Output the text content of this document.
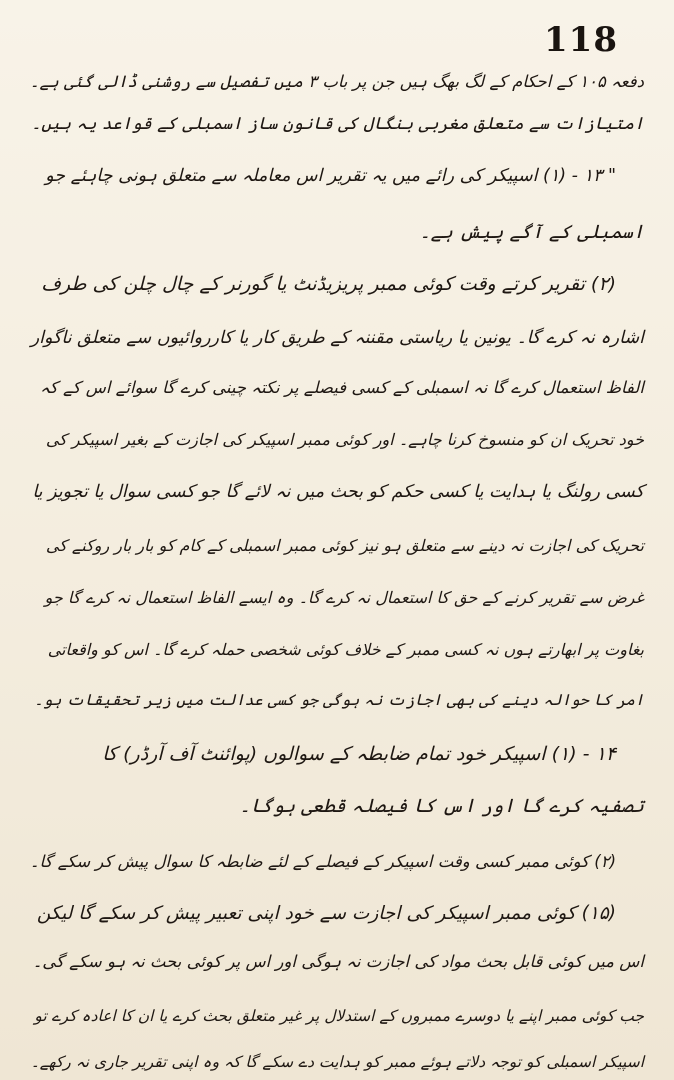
118
دفعہ ۱۰۵ کے احکام کے لگ بھگ ہیں جن پر باب ۳ میں تفصیل سے روشنی ڈالی گئی ہے۔
امتیازات سے متعلق مغربی بنگال کی قانون ساز اسمبلی کے قواعد یہ ہیں۔
" ۱۳ - (۱) اسپیکر کی رائے میں یہ تقریر اس معاملہ سے متعلق ہونی چاہئے جو
اسمبلی کے آگے پیش ہے۔
(۲) تقریر کرتے وقت کوئی ممبر پریزیڈنٹ یا گورنر کے چال چلن کی طرف
اشارہ نہ کرے گا۔ یونین یا ریاستی مقننہ کے طریق کار یا کارروائیوں سے متعلق ناگوار
الفاظ استعمال کرے گا نہ اسمبلی کے کسی فیصلے پر نکتہ چینی کرے گا سوائے اس کے کہ
خود تحریک ان کو منسوخ کرنا چاہے۔ اور کوئی ممبر اسپیکر کی اجازت کے بغیر اسپیکر کی
کسی رولنگ یا ہدایت یا کسی حکم کو بحث میں نہ لائے گا جو کسی سوال یا تجویز یا
تحریک کی اجازت نہ دینے سے متعلق ہو نیز کوئی ممبر اسمبلی کے کام کو بار بار روکنے کی
غرض سے تقریر کرنے کے حق کا استعمال نہ کرے گا۔ وہ ایسے الفاظ استعمال نہ کرے گا جو
بغاوت پر ابھارتے ہوں نہ کسی ممبر کے خلاف کوئی شخصی حملہ کرے گا۔ اس کو واقعاتی
امر کا حوالہ دینے کی بھی اجازت نہ ہوگی جو کسی عدالت میں زیر تحقیقات ہو۔
۱۴ - (۱) اسپیکر خود تمام ضابطہ کے سوالوں (پوائنٹ آف آرڈر) کا
تصفیہ کرے گا اور اس کا فیصلہ قطعی ہوگا۔
(۲) کوئی ممبر کسی وقت اسپیکر کے فیصلے کے لئے ضابطہ کا سوال پیش کر سکے گا۔
(۱۵) کوئی ممبر اسپیکر کی اجازت سے خود اپنی تعبیر پیش کر سکے گا لیکن
اس میں کوئی قابل بحث مواد کی اجازت نہ ہوگی اور اس پر کوئی بحث نہ ہو سکے گی۔
جب کوئی ممبر اپنے یا دوسرے ممبروں کے استدلال پر غیر متعلق بحث کرے یا ان کا اعادہ کرے تو
اسپیکر اسمبلی کو توجہ دلاتے ہوئے ممبر کو ہدایت دے سکے گا کہ وہ اپنی تقریر جاری نہ رکھے۔
